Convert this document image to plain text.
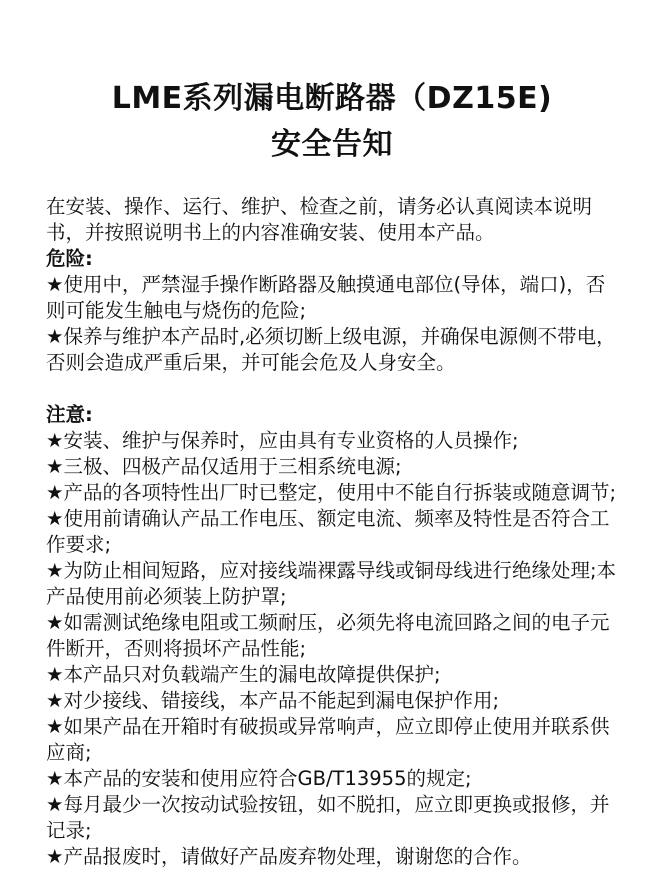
LME系列漏电断路器（DZ15E)
安全告知

在安装、操作、运行、维护、检查之前，请务必认真阅读本说明书，并按照说明书上的内容准确安装、使用本产品。

危险:

★使用中，严禁湿手操作断路器及触摸通电部位(导体，端口)，否则可能发生触电与烧伤的危险;
★保养与维护本产品时,必须切断上级电源，并确保电源侧不带电，否则会造成严重后果，并可能会危及人身安全。

注意:

★安装、维护与保养时，应由具有专业资格的人员操作;
★三极、四极产品仅适用于三相系统电源;
★产品的各项特性出厂时已整定，使用中不能自行拆装或随意调节;
★使用前请确认产品工作电压、额定电流、频率及特性是否符合工作要求;
★为防止相间短路，应对接线端裸露导线或铜母线进行绝缘处理;本产品使用前必须装上防护罩;
★如需测试绝缘电阻或工频耐压，必须先将电流回路之间的电子元件断开，否则将损坏产品性能;
★本产品只对负载端产生的漏电故障提供保护;
★对少接线、错接线，本产品不能起到漏电保护作用;
★如果产品在开箱时有破损或异常响声，应立即停止使用并联系供应商;
★本产品的安装和使用应符合GB/T13955的规定;
★每月最少一次按动试验按钮，如不脱扣，应立即更换或报修，并记录;
★产品报废时，请做好产品废弃物处理，谢谢您的合作。
